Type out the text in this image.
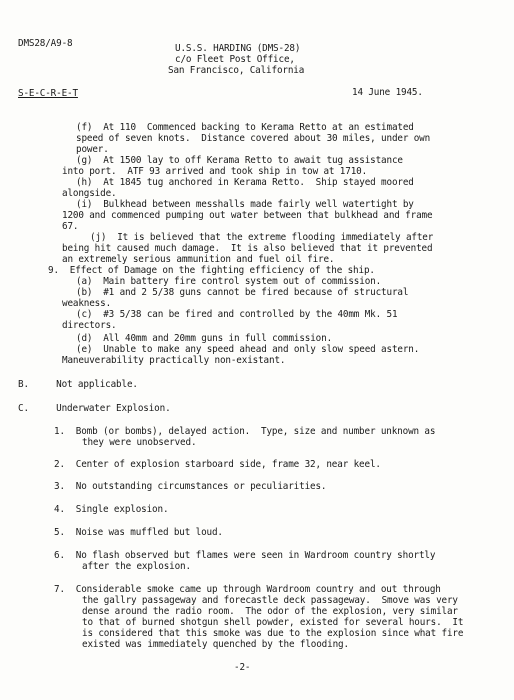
DMS28/A9-8	U.S.S. HARDING (DMS-28)
c/o Fleet Post Office,
San Francisco, California
S-E-C-R-E-T	14 June 1945.
(f)  At 110  Commenced backing to Kerama Retto at an estimated
speed of seven knots.  Distance covered about 30 miles, under own
power.
(g)  At 1500 lay to off Kerama Retto to await tug assistance
into port.  ATF 93 arrived and took ship in tow at 1710.
(h)  At 1845 tug anchored in Kerama Retto.  Ship stayed moored
alongside.
(i)  Bulkhead between messhalls made fairly well watertight by
1200 and commenced pumping out water between that bulkhead and frame
67.
(j)  It is believed that the extreme flooding immediately after
being hit caused much damage.  It is also believed that it prevented
an extremely serious ammunition and fuel oil fire.
9.  Effect of Damage on the fighting efficiency of the ship.
(a)  Main battery fire control system out of commission.
(b)  #1 and 2 5/38 guns cannot be fired because of structural
weakness.
(c)  #3 5/38 can be fired and controlled by the 40mm Mk. 51
directors.
(d)  All 40mm and 20mm guns in full commission.
(e)  Unable to make any speed ahead and only slow speed astern.
Maneuverability practically non-existant.
B.     Not applicable.
C.     Underwater Explosion.
1.  Bomb (or bombs), delayed action.  Type, size and number unknown as
they were unobserved.
2.  Center of explosion starboard side, frame 32, near keel.
3.  No outstanding circumstances or peculiarities.
4.  Single explosion.
5.  Noise was muffled but loud.
6.  No flash observed but flames were seen in Wardroom country shortly
after the explosion.
7.  Considerable smoke came up through Wardroom country and out through
the gallry passageway and forecastle deck passageway.  Smove was very
dense around the radio room.  The odor of the explosion, very similar
to that of burned shotgun shell powder, existed for several hours.  It
is considered that this smoke was due to the explosion since what fire
existed was immediately quenched by the flooding.
-2-
